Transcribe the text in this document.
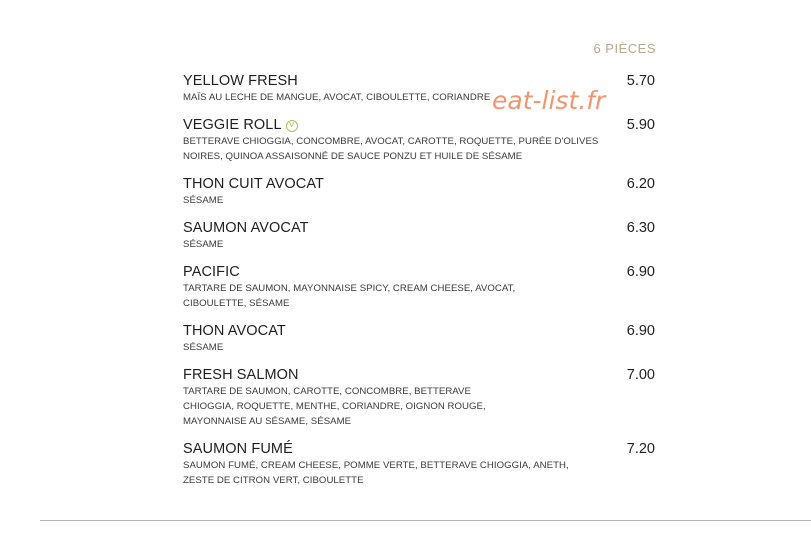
6 PIÈCES
YELLOW FRESH	5.70
MAÏS AU LECHE DE MANGUE, AVOCAT, CIBOULETTE, CORIANDRE
VEGGIE ROLL V	5.90
BETTERAVE CHIOGGIA, CONCOMBRE, AVOCAT, CAROTTE, ROQUETTE, PURÉE D'OLIVES NOIRES, QUINOA ASSAISONNÉ DE SAUCE PONZU ET HUILE DE SÉSAME
THON CUIT AVOCAT	6.20
SÉSAME
SAUMON AVOCAT	6.30
SÉSAME
PACIFIC	6.90
TARTARE DE SAUMON, MAYONNAISE SPICY, CREAM CHEESE, AVOCAT, CIBOULETTE, SÉSAME
THON AVOCAT	6.90
SÉSAME
FRESH SALMON	7.00
TARTARE DE SAUMON, CAROTTE, CONCOMBRE, BETTERAVE CHIOGGIA, ROQUETTE, MENTHE, CORIANDRE, OIGNON ROUGE, MAYONNAISE AU SÉSAME, SÉSAME
SAUMON FUMÉ	7.20
SAUMON FUMÉ, CREAM CHEESE, POMME VERTE, BETTERAVE CHIOGGIA, ANETH, ZESTE DE CITRON VERT, CIBOULETTE
eat-list.fr
